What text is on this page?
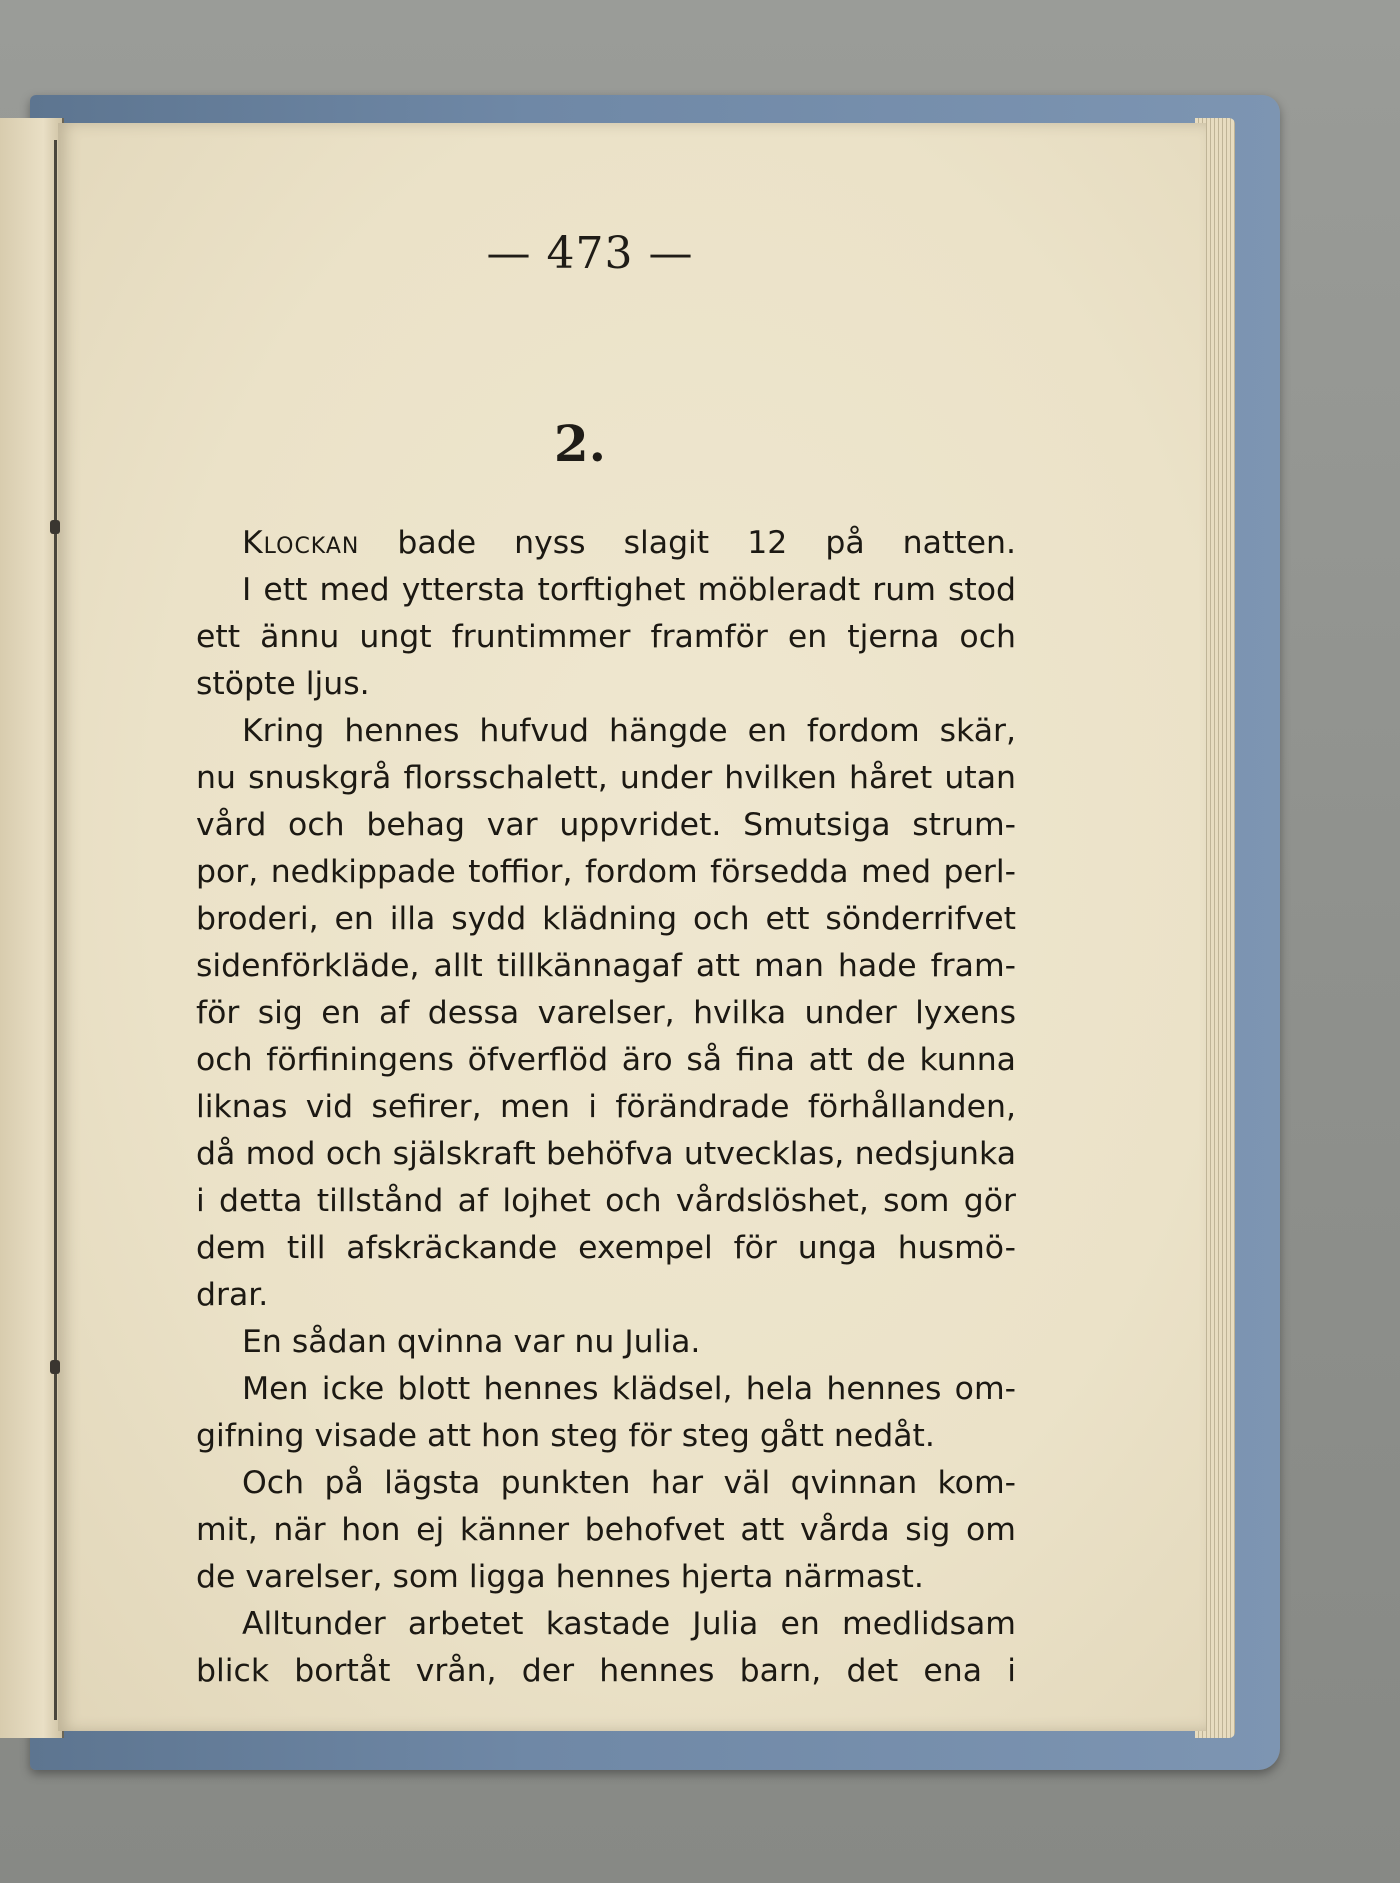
— 473 —
2.
Klockan bade nyss slagit 12 på natten.
I ett med yttersta torftighet möbleradt rum stod
ett ännu ungt fruntimmer framför en tjerna och
stöpte ljus.
Kring hennes hufvud hängde en fordom skär,
nu snuskgrå florsschalett, under hvilken håret utan
vård och behag var uppvridet. Smutsiga strum-
por, nedkippade toffior, fordom försedda med perl-
broderi, en illa sydd klädning och ett sönderrifvet
sidenförkläde, allt tillkännagaf att man hade fram-
för sig en af dessa varelser, hvilka under lyxens
och förfiningens öfverflöd äro så fina att de kunna
liknas vid sefirer, men i förändrade förhållanden,
då mod och själskraft behöfva utvecklas, nedsjunka
i detta tillstånd af lojhet och vårdslöshet, som gör
dem till afskräckande exempel för unga husmö-
drar.
En sådan qvinna var nu Julia.
Men icke blott hennes klädsel, hela hennes om-
gifning visade att hon steg för steg gått nedåt.
Och på lägsta punkten har väl qvinnan kom-
mit, när hon ej känner behofvet att vårda sig om
de varelser, som ligga hennes hjerta närmast.
Alltunder arbetet kastade Julia en medlidsam
blick bortåt vrån, der hennes barn, det ena i
